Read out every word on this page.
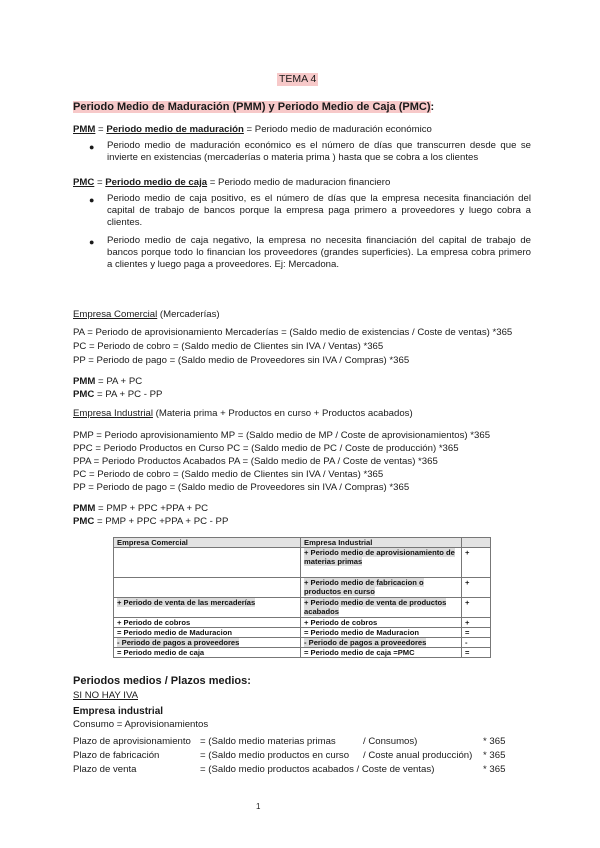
TEMA 4
Periodo Medio de Maduración (PMM) y Periodo Medio de Caja (PMC):
PMM = Periodo medio de maduración = Periodo medio de maduración económico
● Periodo medio de maduración económico es el número de días que transcurren desde que se invierte en existencias (mercaderías o materia prima ) hasta que se cobra a los clientes
PMC = Periodo medio de caja = Periodo medio de maduracion financiero
● Periodo medio de caja positivo, es el número de días que la empresa necesita financiación del capital de trabajo de bancos porque la empresa paga primero a proveedores y luego cobra a clientes.
● Periodo medio de caja negativo, la empresa no necesita financiación del capital de trabajo de bancos porque todo lo financian los proveedores (grandes superficies). La empresa cobra primero a clientes y luego paga a proveedores. Ej: Mercadona.
Empresa Comercial (Mercaderías)
PA = Periodo de aprovisionamiento Mercaderías = (Saldo medio de existencias / Coste de ventas) *365
PC = Periodo de cobro = (Saldo medio de Clientes sin IVA / Ventas) *365
PP = Periodo de pago = (Saldo medio de Proveedores sin IVA / Compras) *365
PMM = PA + PC
PMC = PA + PC - PP
Empresa Industrial (Materia prima + Productos en curso + Productos acabados)
PMP = Periodo aprovisionamiento MP = (Saldo medio de MP / Coste de aprovisionamientos) *365
PPC = Periodo Productos en Curso PC = (Saldo medio de PC / Coste de producción) *365
PPA = Periodo Productos Acabados PA = (Saldo medio de PA / Coste de ventas) *365
PC = Periodo de cobro = (Saldo medio de Clientes sin IVA / Ventas) *365
PP = Periodo de pago = (Saldo medio de Proveedores sin IVA / Compras) *365
PMM = PMP + PPC +PPA + PC
PMC = PMP + PPC +PPA + PC - PP
Empresa Comercial	Empresa Industrial	
	+ Periodo medio de aprovisionamiento de materias primas	+
	+ Periodo medio de fabricacion o productos en curso	+
+ Periodo de venta de las mercaderías	+ Periodo medio de venta de productos acabados	+
+ Periodo de cobros	+ Periodo de cobros	+
= Periodo medio de Maduracion	= Periodo medio de Maduracion	=
- Periodo de pagos a proveedores	- Periodo de pagos a proveedores	-
= Periodo medio de caja	= Periodo medio de caja =PMC	=
Periodos medios / Plazos medios:
SI NO HAY IVA
Empresa industrial
Consumo = Aprovisionamientos
Plazo de aprovisionamiento = (Saldo medio materias primas	/ Consumos)	* 365
Plazo de fabricación	= (Saldo medio productos en curso / Coste anual producción) * 365
Plazo de venta	= (Saldo medio productos acabados / Coste de ventas)	* 365
1
